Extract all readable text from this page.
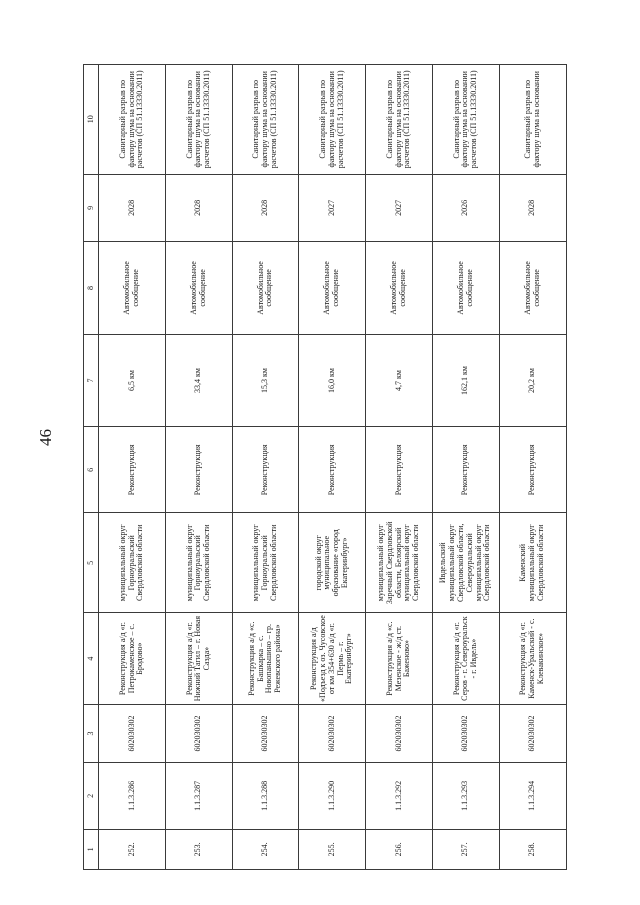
46
1	2	3	4	5	6	7	8	9	10
252.	1.1.3.286	602030302	Реконструкция а/д «г. Петрокаменское – с. Бродово»	муниципальный округ Горноуральский Свердловской области	Реконструкция	6,5 км	Автомобильное сообщение	2028	Санитарный разрыв по фактору шума на основании расчетов (СП 51.13330.2011)
253.	1.1.3.287	602030302	Реконструкция а/д «г. Нижний Тагил – г. Новая Сазда»	муниципальный округ Горноуральский Свердловской области	Реконструкция	33,4 км	Автомобильное сообщение	2028	Санитарный разрыв по фактору шума на основании расчетов (СП 51.13330.2011)
254.	1.1.3.288	602030302	Реконструкция а/д «с. Башкарка – с. Новопаньшино – гр. Режевского района»	муниципальный округ Горноуральский Свердловской области	Реконструкция	15,3 км	Автомобильное сообщение	2028	Санитарный разрыв по фактору шума на основании расчетов (СП 51.13330.2011)
255.	1.1.3.290	602030302	Реконструкция а/д «Подъезд к оз. Чусовское от км 354+630 а/д «г. Пермь – г. Екатеринбург»	городской округ муниципальное образование «город Екатеринбург»	Реконструкция	16,0 км	Автомобильное сообщение	2027	Санитарный разрыв по фактору шума на основании расчетов (СП 51.13330.2011)
256.	1.1.3.292	602030302	Реконструкция а/д «с. Мезенское - ж/д ст. Баженово»	муниципальный округ Заречный Свердловской области, Белоярский муниципальный округ Свердловской области	Реконструкция	4,7 км	Автомобильное сообщение	2027	Санитарный разрыв по фактору шума на основании расчетов (СП 51.13330.2011)
257.	1.1.3.293	602030302	Реконструкция а/д «г. Серов - г. Североуральск - г. Ивдель»	Ивдельский муниципальный округ Свердловской области, Североуральский муниципальный округ Свердловской области	Реконструкция	162,1 км	Автомобильное сообщение	2026	Санитарный разрыв по фактору шума на основании расчетов (СП 51.13330.2011)
258.	1.1.3.294	602030302	Реконструкция а/д «г. Каменск-Уральский - с. Клевакинское»	Каменский муниципальный округ Свердловской области	Реконструкция	20,2 км	Автомобильное сообщение	2028	Санитарный разрыв по фактору шума на основании
